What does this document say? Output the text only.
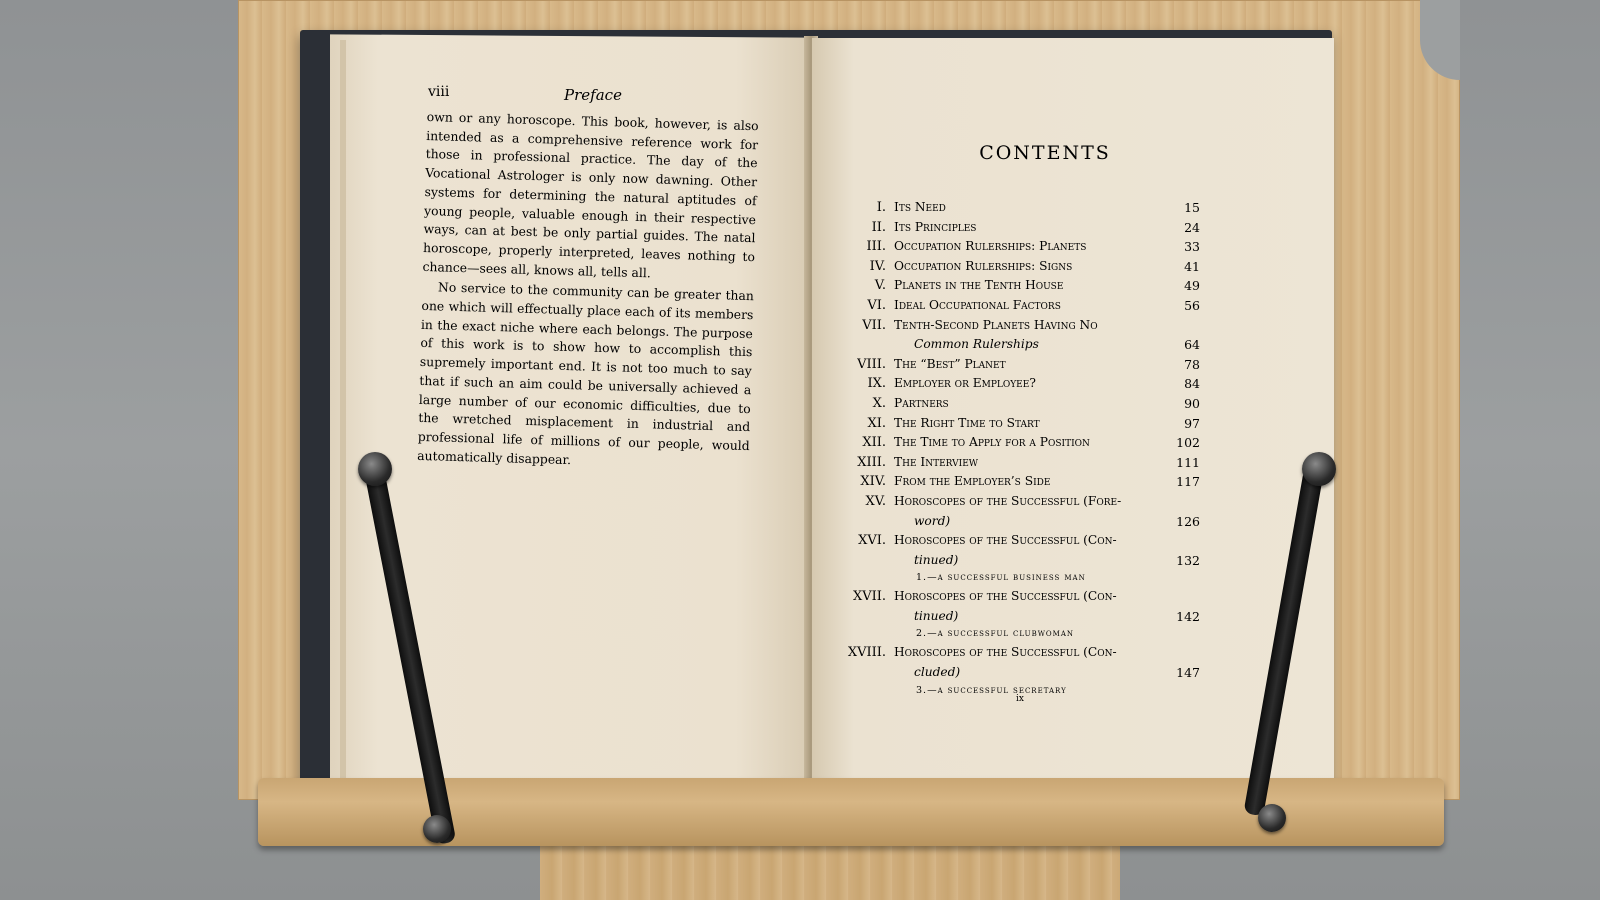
viii	Preface

own or any horoscope. This book, however, is also intended as a comprehensive reference work for those in professional practice. The day of the Vocational Astrologer is only now dawning. Other systems for determining the natural aptitudes of young people, valuable enough in their respective ways, can at best be only partial guides. The natal horoscope, properly interpreted, leaves nothing to chance—sees all, knows all, tells all.

No service to the community can be greater than one which will effectually place each of its members in the exact niche where each belongs. The purpose of this work is to show how to accomplish this supremely important end. It is not too much to say that if such an aim could be universally achieved a large number of our economic difficulties, due to the wretched misplacement in industrial and professional life of millions of our people, would automatically disappear.

CONTENTS
I. Its Need	15
II. Its Principles	24
III. Occupation Rulerships: Planets	33
IV. Occupation Rulerships: Signs	41
V. Planets in the Tenth House	49
VI. Ideal Occupational Factors	56
VII. Tenth-Second Planets Having No
Common Rulerships	64
VIII. The “Best” Planet	78
IX. Employer or Employee?	84
X. Partners	90
XI. The Right Time to Start	97
XII. The Time to Apply for a Position	102
XIII. The Interview	111
XIV. From the Employer’s Side	117
XV. Horoscopes of the Successful (Fore-
word)	126
XVI. Horoscopes of the Successful (Con-
tinued)	132
1.—a successful business man
XVII. Horoscopes of the Successful (Con-
tinued)	142
2.—a successful clubwoman
XVIII. Horoscopes of the Successful (Con-
cluded)	147
3.—a successful secretary
ix
